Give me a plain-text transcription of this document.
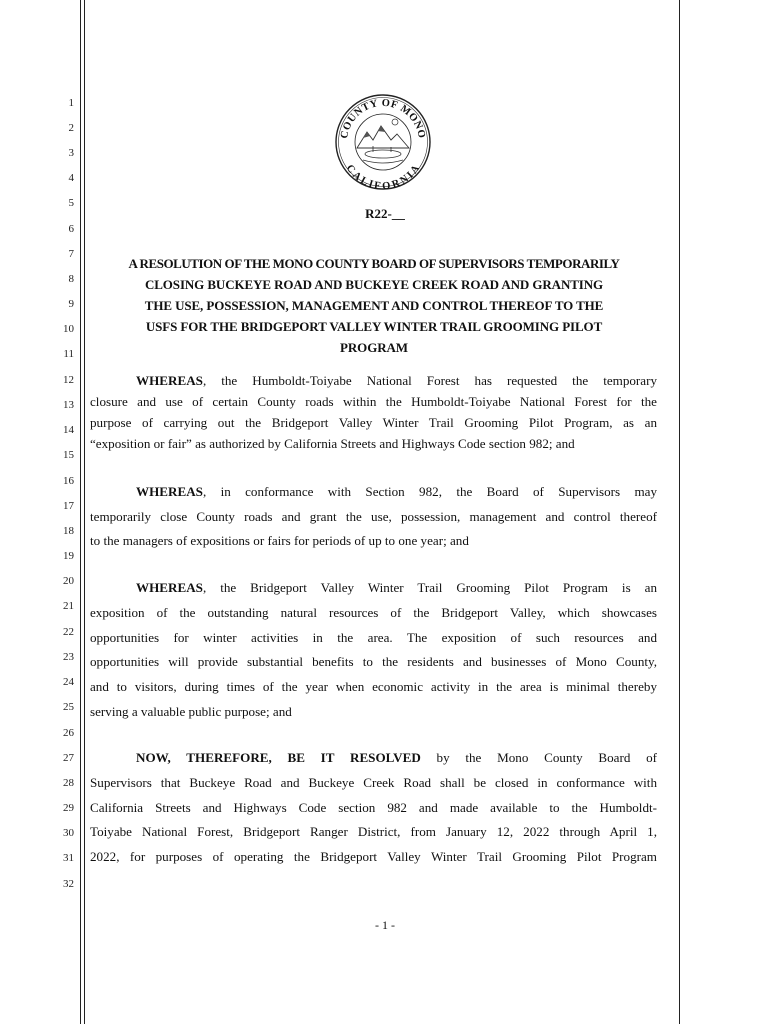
1
2
3
4
5
6
7
8
9
10
11
12
13
14
15
16
17
18
19
20
21
22
23
24
25
26
27
28
29
30
31
32
COUNTY OF MONO
CALIFORNIA
R22-__
A RESOLUTION OF THE MONO COUNTY BOARD OF SUPERVISORS TEMPORARILY
CLOSING BUCKEYE ROAD AND BUCKEYE CREEK ROAD AND GRANTING
THE USE, POSSESSION, MANAGEMENT AND CONTROL THEREOF TO THE
USFS FOR THE BRIDGEPORT VALLEY WINTER TRAIL GROOMING PILOT
PROGRAM
WHEREAS, the Humboldt-Toiyabe National Forest has requested the temporary
closure and use of certain County roads within the Humboldt-Toiyabe National Forest for the
purpose of carrying out the Bridgeport Valley Winter Trail Grooming Pilot Program, as an
“exposition or fair” as authorized by California Streets and Highways Code section 982; and
WHEREAS, in conformance with Section 982, the Board of Supervisors may
temporarily close County roads and grant the use, possession, management and control thereof
to the managers of expositions or fairs for periods of up to one year; and
WHEREAS, the Bridgeport Valley Winter Trail Grooming Pilot Program is an
exposition of the outstanding natural resources of the Bridgeport Valley, which showcases
opportunities for winter activities in the area. The exposition of such resources and
opportunities will provide substantial benefits to the residents and businesses of Mono County,
and to visitors, during times of the year when economic activity in the area is minimal thereby
serving a valuable public purpose; and
NOW, THEREFORE, BE IT RESOLVED by the Mono County Board of
Supervisors that Buckeye Road and Buckeye Creek Road shall be closed in conformance with
California Streets and Highways Code section 982 and made available to the Humboldt-
Toiyabe National Forest, Bridgeport Ranger District, from January 12, 2022 through April 1,
2022, for purposes of operating the Bridgeport Valley Winter Trail Grooming Pilot Program
- 1 -
